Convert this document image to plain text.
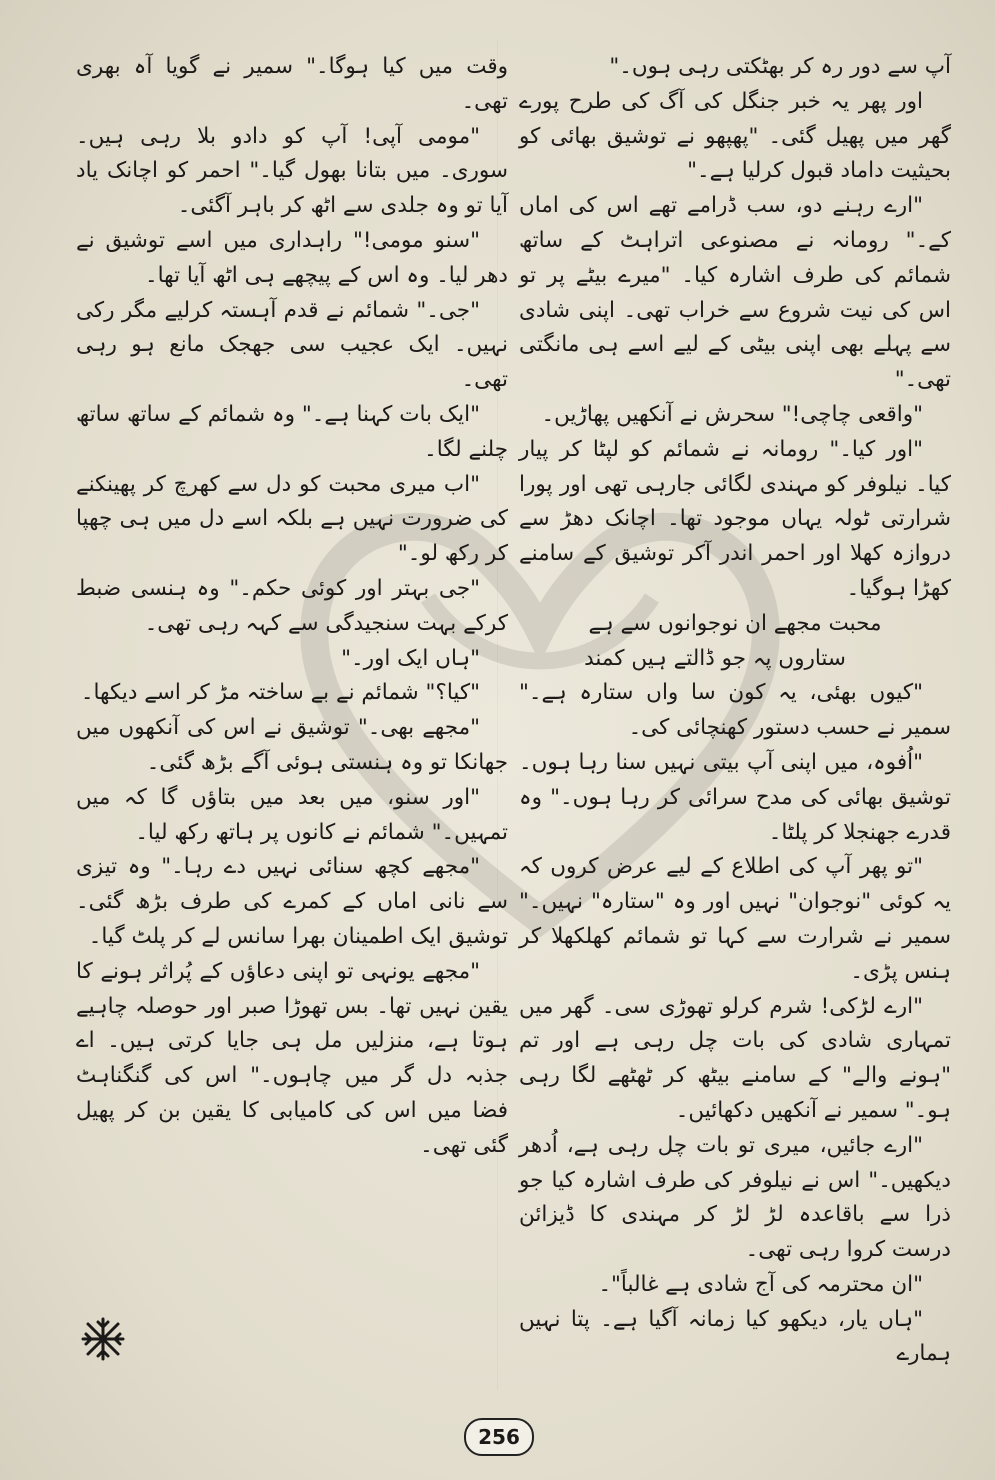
آپ سے دور رہ کر بھٹکتی رہی ہوں۔"

اور پھر یہ خبر جنگل کی آگ کی طرح پورے گھر میں پھیل گئی۔ "پھپھو نے توشیق بھائی کو بحیثیت داماد قبول کرلیا ہے۔"

"ارے رہنے دو، سب ڈرامے تھے اس کی اماں کے۔" رومانہ نے مصنوعی اتراہٹ کے ساتھ شمائم کی طرف اشارہ کیا۔ "میرے بیٹے پر تو اس کی نیت شروع سے خراب تھی۔ اپنی شادی سے پہلے بھی اپنی بیٹی کے لیے اسے ہی مانگتی تھی۔"

"واقعی چاچی!" سحرش نے آنکھیں پھاڑیں۔

"اور کیا۔" رومانہ نے شمائم کو لپٹا کر پیار کیا۔ نیلوفر کو مہندی لگائی جارہی تھی اور پورا شرارتی ٹولہ یہاں موجود تھا۔ اچانک دھڑ سے دروازہ کھلا اور احمر اندر آکر توشیق کے سامنے کھڑا ہوگیا۔

محبت مجھے ان نوجوانوں سے ہے
ستاروں پہ جو ڈالتے ہیں کمند

"کیوں بھئی، یہ کون سا واں ستارہ ہے۔" سمیر نے حسب دستور کھنچائی کی۔

"اُفوہ، میں اپنی آپ بیتی نہیں سنا رہا ہوں۔ توشیق بھائی کی مدح سرائی کر رہا ہوں۔" وہ قدرے جھنجلا کر پلٹا۔

"تو پھر آپ کی اطلاع کے لیے عرض کروں کہ یہ کوئی "نوجوان" نہیں اور وہ "ستارہ" نہیں۔" سمیر نے شرارت سے کہا تو شمائم کھلکھلا کر ہنس پڑی۔

"ارے لڑکی! شرم کرلو تھوڑی سی۔ گھر میں تمہاری شادی کی بات چل رہی ہے اور تم "ہونے والے" کے سامنے بیٹھ کر ٹھٹھے لگا رہی ہو۔" سمیر نے آنکھیں دکھائیں۔

"ارے جائیں، میری تو بات چل رہی ہے، اُدھر دیکھیں۔" اس نے نیلوفر کی طرف اشارہ کیا جو ذرا سے باقاعدہ لڑ لڑ کر مہندی کا ڈیزائن درست کروا رہی تھی۔

"ان محترمہ کی آج شادی ہے غالباً"۔

"ہاں یار، دیکھو کیا زمانہ آگیا ہے۔ پتا نہیں ہمارے

وقت میں کیا ہوگا۔" سمیر نے گویا آہ بھری تھی۔

"مومی آپی! آپ کو دادو بلا رہی ہیں۔ سوری۔ میں بتانا بھول گیا۔" احمر کو اچانک یاد آیا تو وہ جلدی سے اٹھ کر باہر آگئی۔

"سنو مومی!" راہداری میں اسے توشیق نے دھر لیا۔ وہ اس کے پیچھے ہی اٹھ آیا تھا۔

"جی۔" شمائم نے قدم آہستہ کرلیے مگر رکی نہیں۔ ایک عجیب سی جھجک مانع ہو رہی تھی۔

"ایک بات کہنا ہے۔" وہ شمائم کے ساتھ ساتھ چلنے لگا۔

"اب میری محبت کو دل سے کھرچ کر پھینکنے کی ضرورت نہیں ہے بلکہ اسے دل میں ہی چھپا کر رکھ لو۔"

"جی بہتر اور کوئی حکم۔" وہ ہنسی ضبط کرکے بہت سنجیدگی سے کہہ رہی تھی۔

"ہاں ایک اور۔"

"کیا؟" شمائم نے بے ساختہ مڑ کر اسے دیکھا۔

"مجھے بھی۔" توشیق نے اس کی آنکھوں میں جھانکا تو وہ ہنستی ہوئی آگے بڑھ گئی۔

"اور سنو، میں بعد میں بتاؤں گا کہ میں تمہیں۔" شمائم نے کانوں پر ہاتھ رکھ لیا۔

"مجھے کچھ سنائی نہیں دے رہا۔" وہ تیزی سے نانی اماں کے کمرے کی طرف بڑھ گئی۔ توشیق ایک اطمینان بھرا سانس لے کر پلٹ گیا۔

"مجھے یونہی تو اپنی دعاؤں کے پُراثر ہونے کا یقین نہیں تھا۔ بس تھوڑا صبر اور حوصلہ چاہیے ہوتا ہے، منزلیں مل ہی جایا کرتی ہیں۔ اے جذبہ دل گر میں چاہوں۔" اس کی گنگناہٹ فضا میں اس کی کامیابی کا یقین بن کر پھیل گئی تھی۔

256
